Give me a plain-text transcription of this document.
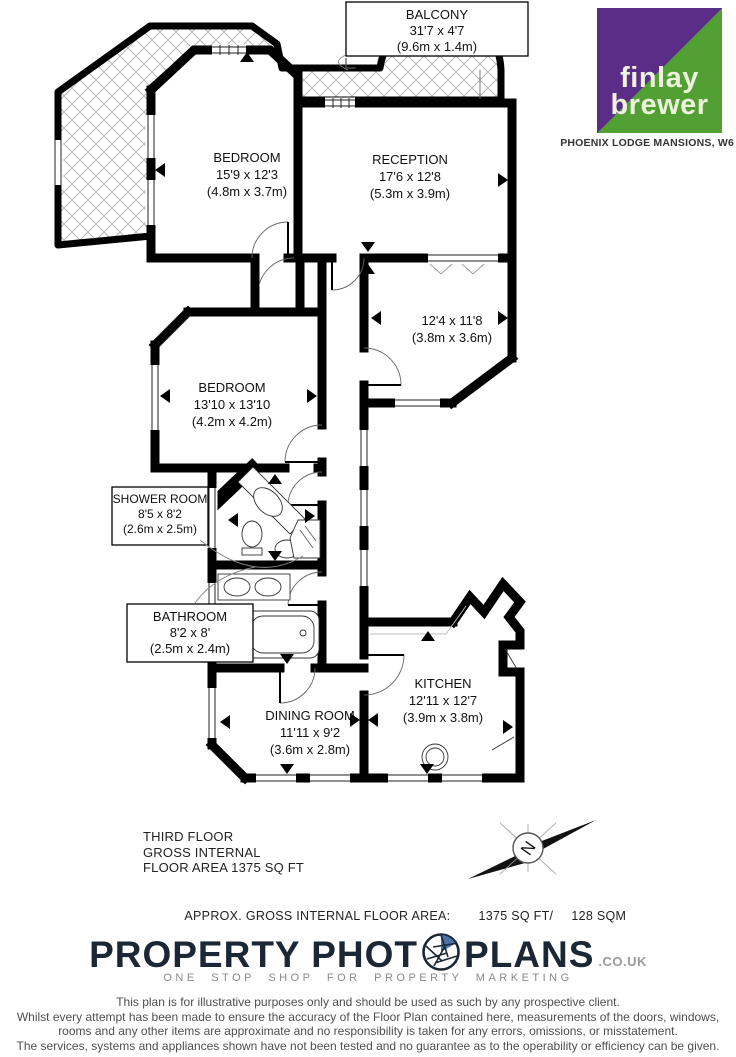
BALCONY
31'7 x 4'7
(9.6m x 1.4m)
BEDROOM
15'9 x 12'3
(4.8m x 3.7m)
RECEPTION
17'6 x 12'8
(5.3m x 3.9m)
12'4 x 11'8
(3.8m x 3.6m)
BEDROOM
13'10 x 13'10
(4.2m x 4.2m)
SHOWER ROOM
8'5 x 8'2
(2.6m x 2.5m)
BATHROOM
8'2 x 8'
(2.5m x 2.4m)
DINING ROOM
11'11 x 9'2
(3.6m x 2.8m)
KITCHEN
12'11 x 12'7
(3.9m x 3.8m)
N
finlay
brewer
PHOENIX LODGE MANSIONS, W6
THIRD FLOOR
GROSS INTERNAL
FLOOR AREA 1375 SQ FT

APPROX. GROSS INTERNAL FLOOR AREA: 1375 SQ FT/ 128 SQM

PROPERTY PHOT PLANS .CO.UK
ONE STOP SHOP FOR PROPERTY MARKETING
This plan is for illustrative purposes only and should be used as such by any prospective client.
Whilst every attempt has been made to ensure the accuracy of the Floor Plan contained here, measurements of the doors, windows,
rooms and any other items are approximate and no responsibility is taken for any errors, omissions, or misstatement.
The services, systems and appliances shown have not been tested and no guarantee as to the operability or efficiency can be given.
